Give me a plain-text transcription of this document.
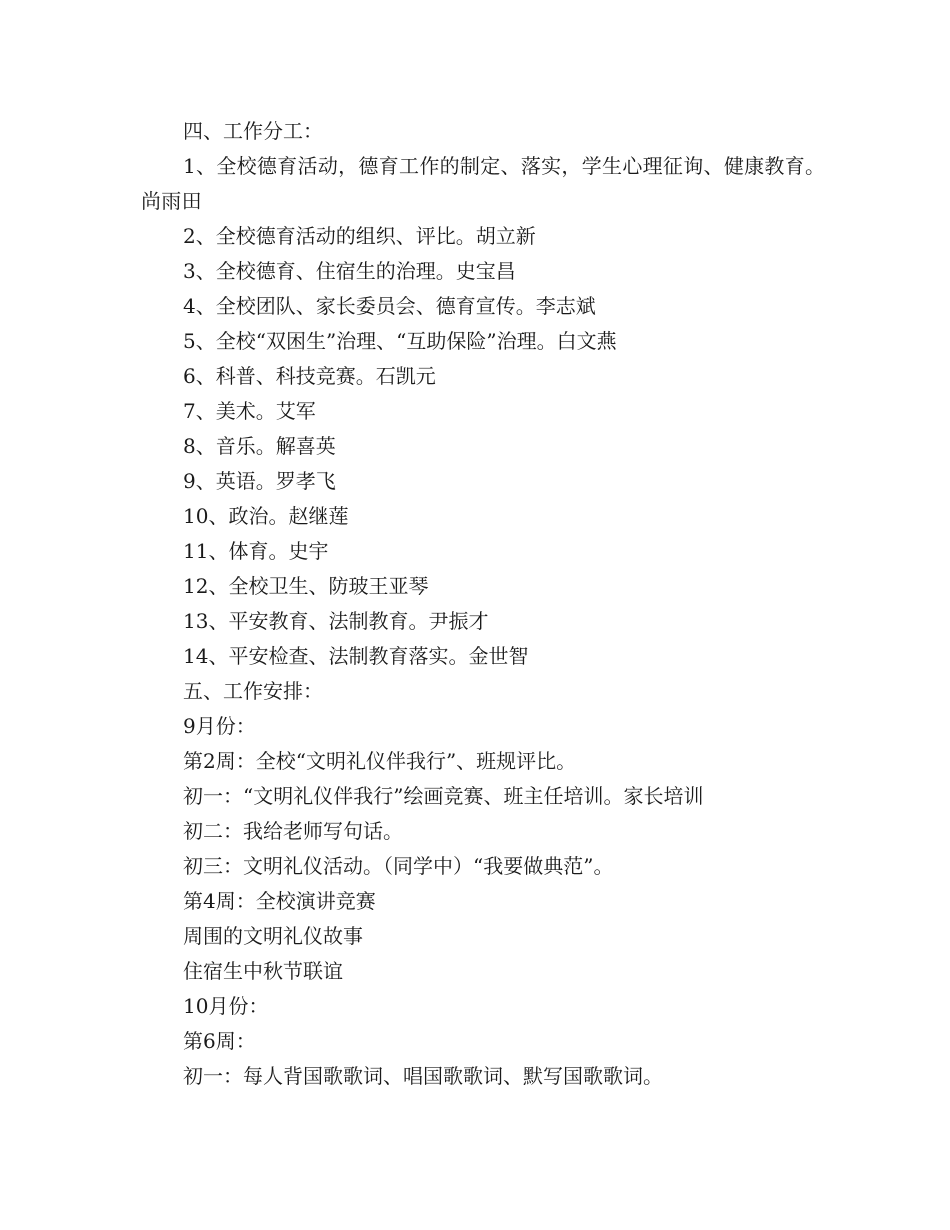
四、工作分工：
1、全校德育活动，德育工作的制定、落实，学生心理征询、健康教育。尚雨田
2、全校德育活动的组织、评比。胡立新
3、全校德育、住宿生的治理。史宝昌
4、全校团队、家长委员会、德育宣传。李志斌
5、全校“双困生”治理、“互助保险”治理。白文燕
6、科普、科技竞赛。石凯元
7、美术。艾军
8、音乐。解喜英
9、英语。罗孝飞
10、政治。赵继莲
11、体育。史宇
12、全校卫生、防玻王亚琴
13、平安教育、法制教育。尹振才
14、平安检查、法制教育落实。金世智
五、工作安排：
9月份：
第2周：全校“文明礼仪伴我行”、班规评比。
初一：“文明礼仪伴我行”绘画竞赛、班主任培训。家长培训
初二：我给老师写句话。
初三：文明礼仪活动。（同学中）“我要做典范”。
第4周：全校演讲竞赛
周围的文明礼仪故事
住宿生中秋节联谊
10月份：
第6周：
初一：每人背国歌歌词、唱国歌歌词、默写国歌歌词。
